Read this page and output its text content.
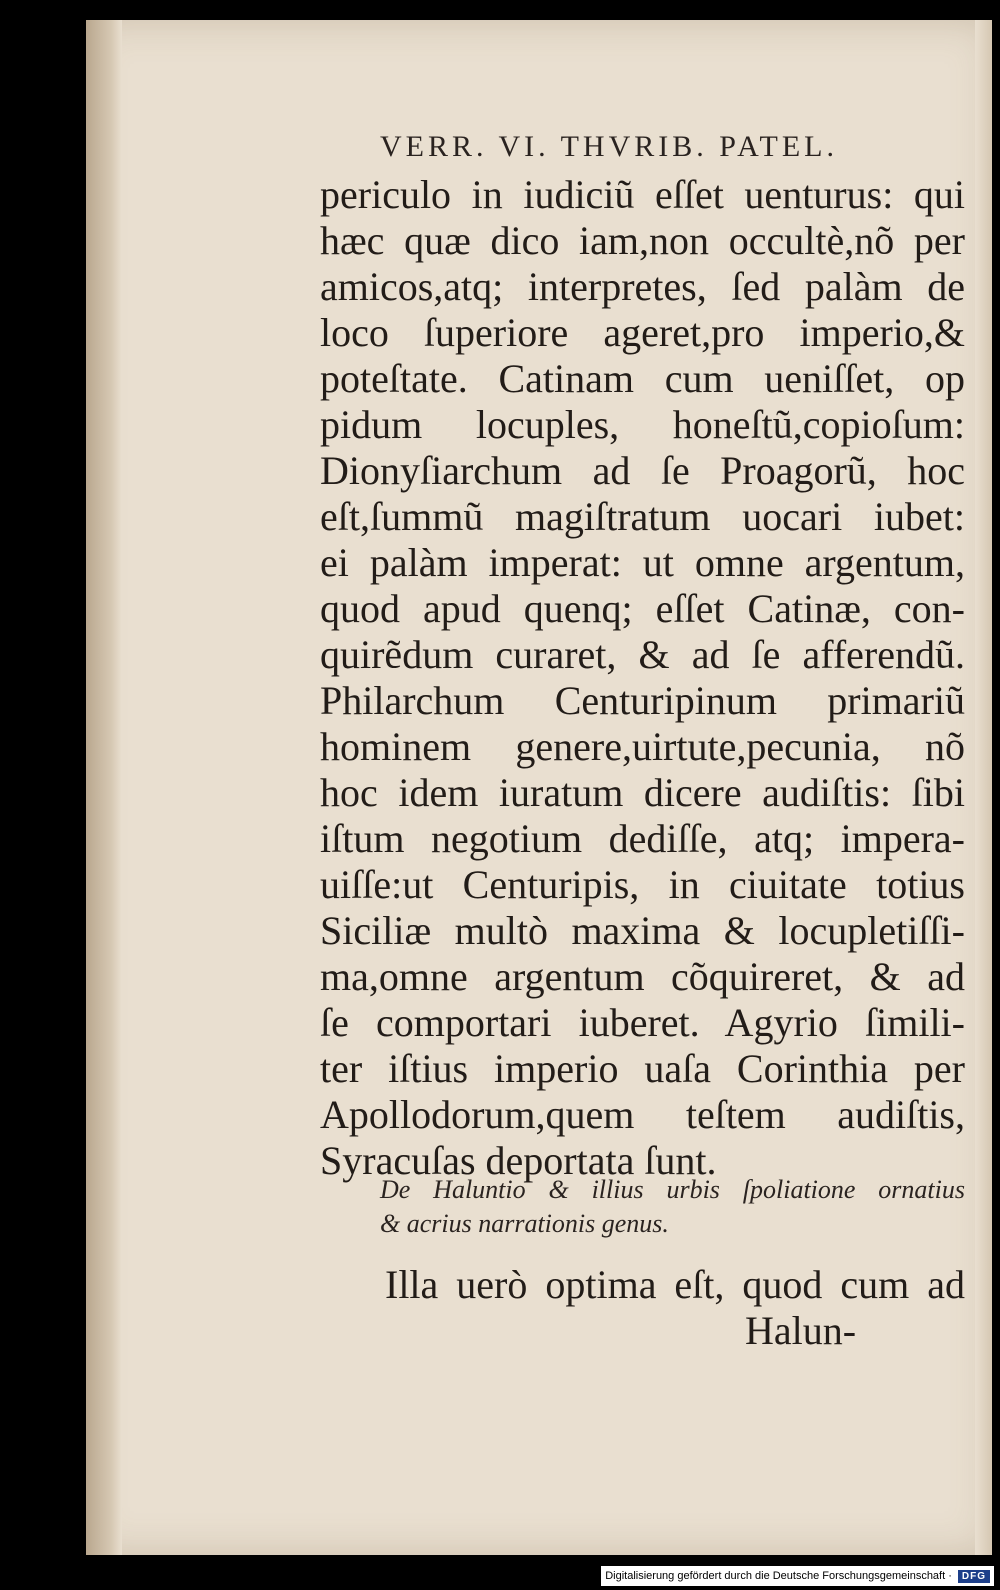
VERR. VI. THVRIB. PATEL.
periculo in iudiciũ eſſet uenturus: qui
hæc quæ dico iam,non occultè,nõ per
amicos,atq; interpretes, ſed palàm de
loco ſuperiore ageret,pro imperio,&
poteſtate. Catinam cum ueniſſet, op
pidum locuples, honeſtũ,copioſum:
Dionyſiarchum ad ſe Proagorũ, hoc
eſt,ſummũ magiſtratum uocari iubet:
ei palàm imperat: ut omne argentum,
quod apud quenq; eſſet Catinæ, con-
quirẽdum curaret, & ad ſe afferendũ.
Philarchum Centuripinum primariũ
hominem genere,uirtute,pecunia, nõ
hoc idem iuratum dicere audiſtis: ſibi
iſtum negotium dediſſe, atq; impera-
uiſſe:ut Centuripis, in ciuitate totius
Siciliæ multò maxima & locupletiſſi-
ma,omne argentum cõquireret, & ad
ſe comportari iuberet. Agyrio ſimili-
ter iſtius imperio uaſa Corinthia per
Apollodorum,quem teſtem audiſtis,
Syracuſas deportata ſunt.
De Haluntio & illius urbis ſpoliatione ornatius
& acrius narrationis genus.
Illa uerò optima eſt, quod cum ad
Halun-
Digitalisierung gefördert durch die Deutsche Forschungsgemeinschaft ·	DFG
